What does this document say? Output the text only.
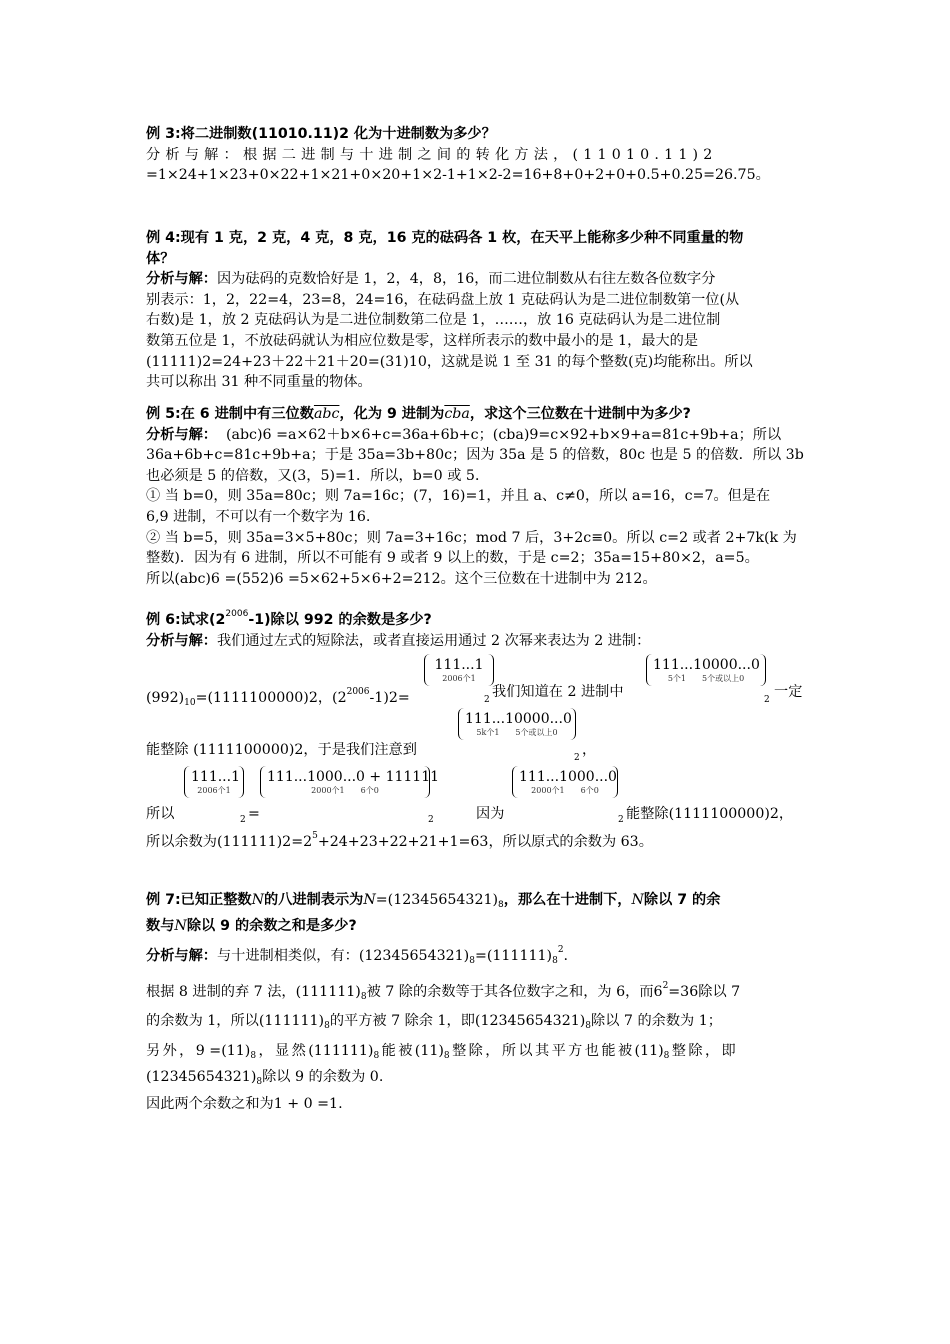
例 3:将二进制数(11010.11)2 化为十进制数为多少？
分析与解：根据二进制与十进制之间的转化方法，(11010.11)2
=1×24+1×23+0×22+1×21+0×20+1×2-1+1×2-2=16+8+0+2+0+0.5+0.25=26.75。
例 4:现有 1 克，2 克，4 克，8 克，16 克的砝码各 1 枚，在天平上能称多少种不同重量的物
体？
分析与解：因为砝码的克数恰好是 1，2，4，8，16，而二进位制数从右往左数各位数字分
别表示：1，2，22=4，23=8，24=16，在砝码盘上放 1 克砝码认为是二进位制数第一位(从
右数)是 1，放 2 克砝码认为是二进位制数第二位是 1，……，放 16 克砝码认为是二进位制
数第五位是 1，不放砝码就认为相应位数是零，这样所表示的数中最小的是 1，最大的是
(11111)2=24+23＋22＋21＋20=(31)10，这就是说 1 至 31 的每个整数(克)均能称出。所以
共可以称出 31 种不同重量的物体。
例 5:在 6 进制中有三位数$\overline{abc}$，化为 9 进制为$\overline{cba}$，求这个三位数在十进制中为多少?
分析与解： (abc)6 =a×62＋b×6+c=36a+6b+c；(cba)9=c×92+b×9+a=81c+9b+a；所以
36a+6b+c=81c+9b+a；于是 35a=3b+80c；因为 35a 是 5 的倍数，80c 也是 5 的倍数．所以 3b
也必须是 5 的倍数，又(3，5)=1．所以，b=0 或 5．
① 当 b=0，则 35a=80c；则 7a=16c；(7，16)=1，并且 a、c≠0，所以 a=16，c=7。但是在
6,9 进制，不可以有一个数字为 16.
② 当 b=5，则 35a=3×5+80c；则 7a=3+16c；mod 7 后，3+2c≡0。所以 c=2 或者 2+7k(k 为
整数)．因为有 6 进制，所以不可能有 9 或者 9 以上的数，于是 c=2；35a=15+80×2，a=5。
所以(abc)6 =(552)6 =5×62+5×6+2=212。这个三位数在十进制中为 212。
例 6:试求$(2^{2006}-1)$除以 992 的余数是多少?
分析与解：我们通过左式的短除法，或者直接运用通过 2 次幂来表达为 2 进制：
$(992)_{10}=(1111100000)2$，$(2^{2006}-1)2=$
111...1
2006个1
2 我们知道在 2 进制中
111...10000...0
5个1　　5个或以上0
2 一定
能整除 (1111100000)2，于是我们注意到
111...10000...0
5k个1　　5个或以上0
2 ，
所以
111...1
2006个1
2 =
111...1000...0 + 111111
2000个1　　6个0
2	因为
111...1000...0
2000个1　　6个0
2 能整除(1111100000)2，
所以余数为$(111111)2=2^5+24+23+22+21+1=63$，所以原式的余数为 63。
例 7:已知正整数N的八进制表示为$N=(12345654321)_8$，那么在十进制下，N除以 7 的余
数与N除以 9 的余数之和是多少?
分析与解：与十进制相类似，有：$(12345654321)_8=(111111)_8^2$.
根据 8 进制的弃 7 法，$(111111)_8$被 7 除的余数等于其各位数字之和，为 6，而$6^2=36$除以 7
的余数为 1，所以$(111111)_8$的平方被 7 除余 1，即$(12345654321)_8$除以 7 的余数为 1；
另外，$9 =(11)_8$，显然$(111111)_8$能被$(11)_8$整除，所以其平方也能被$(11)_8$整除，即
$(12345654321)_8$除以 9 的余数为 0.
因此两个余数之和为1 + 0 =1.
